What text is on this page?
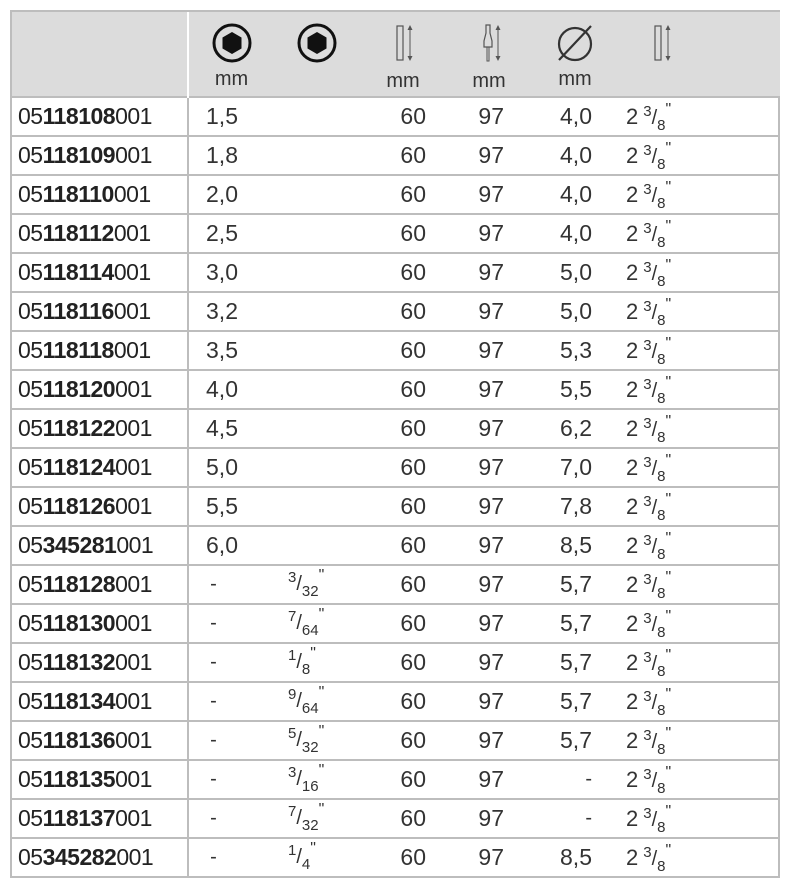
	mm		mm	mm	mm

05118108001	1,5		60	97	4,0	2 3/8"
05118109001	1,8		60	97	4,0	2 3/8"
05118110001	2,0		60	97	4,0	2 3/8"
05118112001	2,5		60	97	4,0	2 3/8"
05118114001	3,0		60	97	5,0	2 3/8"
05118116001	3,2		60	97	5,0	2 3/8"
05118118001	3,5		60	97	5,3	2 3/8"
05118120001	4,0		60	97	5,5	2 3/8"
05118122001	4,5		60	97	6,2	2 3/8"
05118124001	5,0		60	97	7,0	2 3/8"
05118126001	5,5		60	97	7,8	2 3/8"
05345281001	6,0		60	97	8,5	2 3/8"
05118128001	-	3/32"	60	97	5,7	2 3/8"
05118130001	-	7/64"	60	97	5,7	2 3/8"
05118132001	-	1/8"	60	97	5,7	2 3/8"
05118134001	-	9/64"	60	97	5,7	2 3/8"
05118136001	-	5/32"	60	97	5,7	2 3/8"
05118135001	-	3/16"	60	97	-	2 3/8"
05118137001	-	7/32"	60	97	-	2 3/8"
05345282001	-	1/4"	60	97	8,5	2 3/8"
